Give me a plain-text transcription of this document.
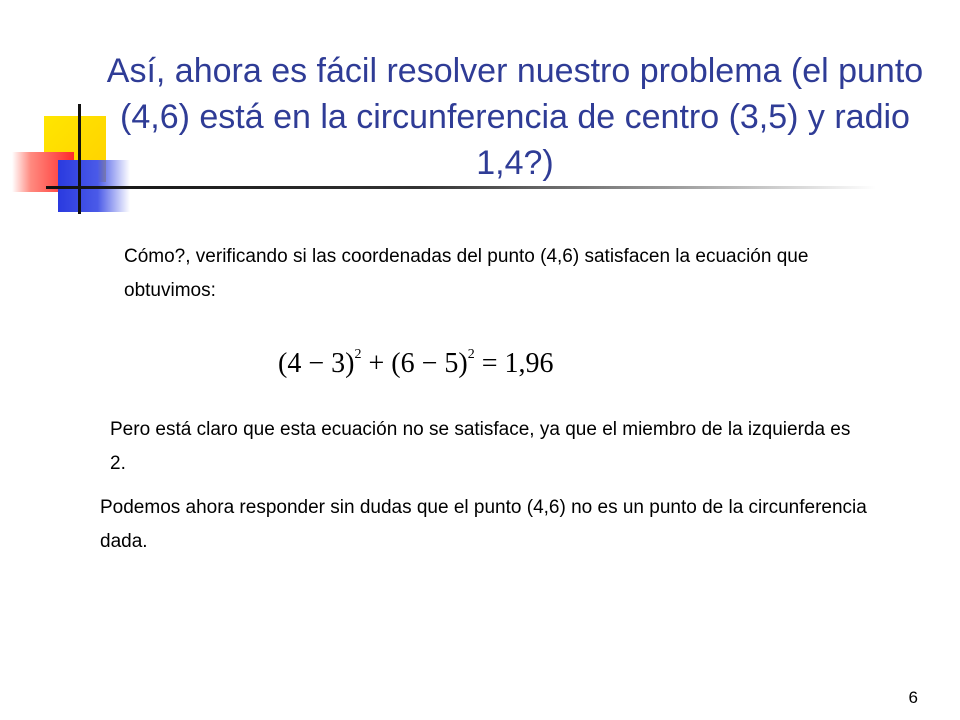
Así, ahora es fácil resolver nuestro problema (el punto (4,6) está en la circunferencia de centro (3,5) y radio 1,4?)
Cómo?, verificando si las coordenadas del punto (4,6) satisfacen la ecuación que obtuvimos:
$(4 - 3)^2 + (6 - 5)^2 = 1,96$
Pero está claro que esta ecuación no se satisface, ya que el miembro de la izquierda es 2.
Podemos ahora responder sin dudas que el punto (4,6) no es un punto de la circunferencia dada.
6
